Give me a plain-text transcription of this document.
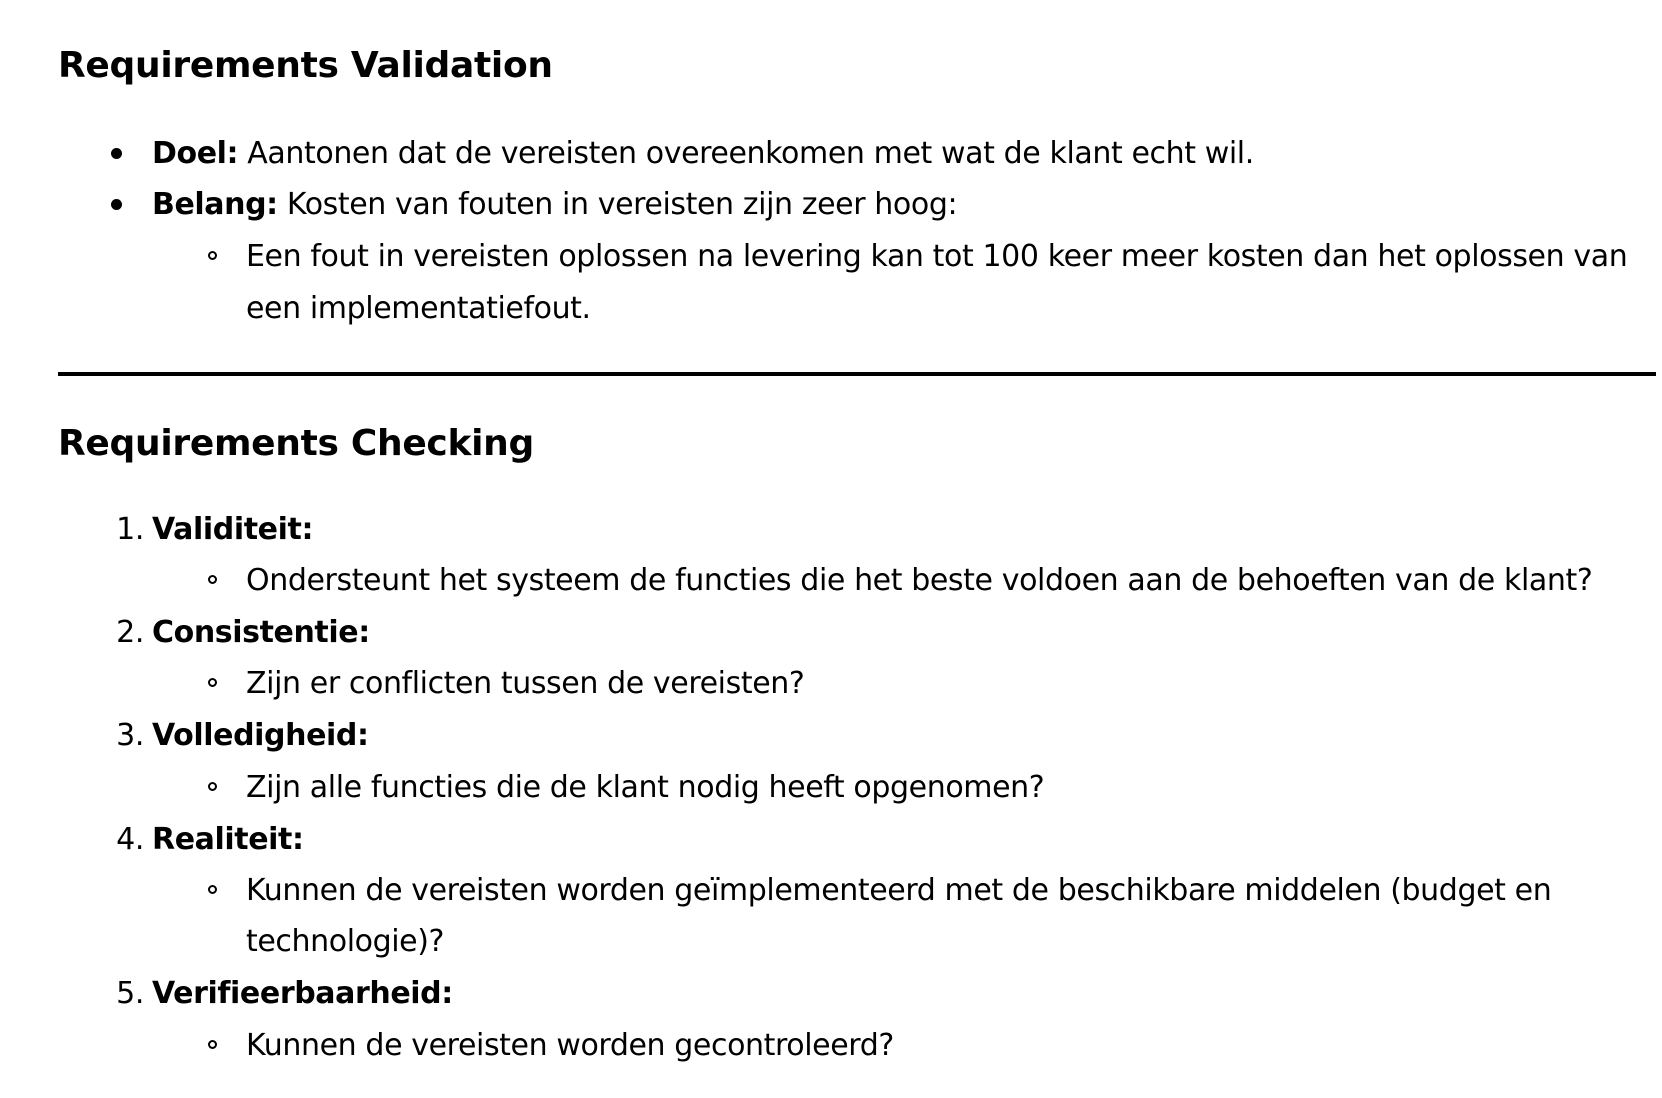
Requirements Validation
Doel: Aantonen dat de vereisten overeenkomen met wat de klant echt wil.
Belang: Kosten van fouten in vereisten zijn zeer hoog:
Een fout in vereisten oplossen na levering kan tot 100 keer meer kosten dan het oplossen van
een implementatiefout.
Requirements Checking
1. Validiteit:
Ondersteunt het systeem de functies die het beste voldoen aan de behoeften van de klant?
2. Consistentie:
Zijn er conflicten tussen de vereisten?
3. Volledigheid:
Zijn alle functies die de klant nodig heeft opgenomen?
4. Realiteit:
Kunnen de vereisten worden geïmplementeerd met de beschikbare middelen (budget en
technologie)?
5. Verifieerbaarheid:
Kunnen de vereisten worden gecontroleerd?
